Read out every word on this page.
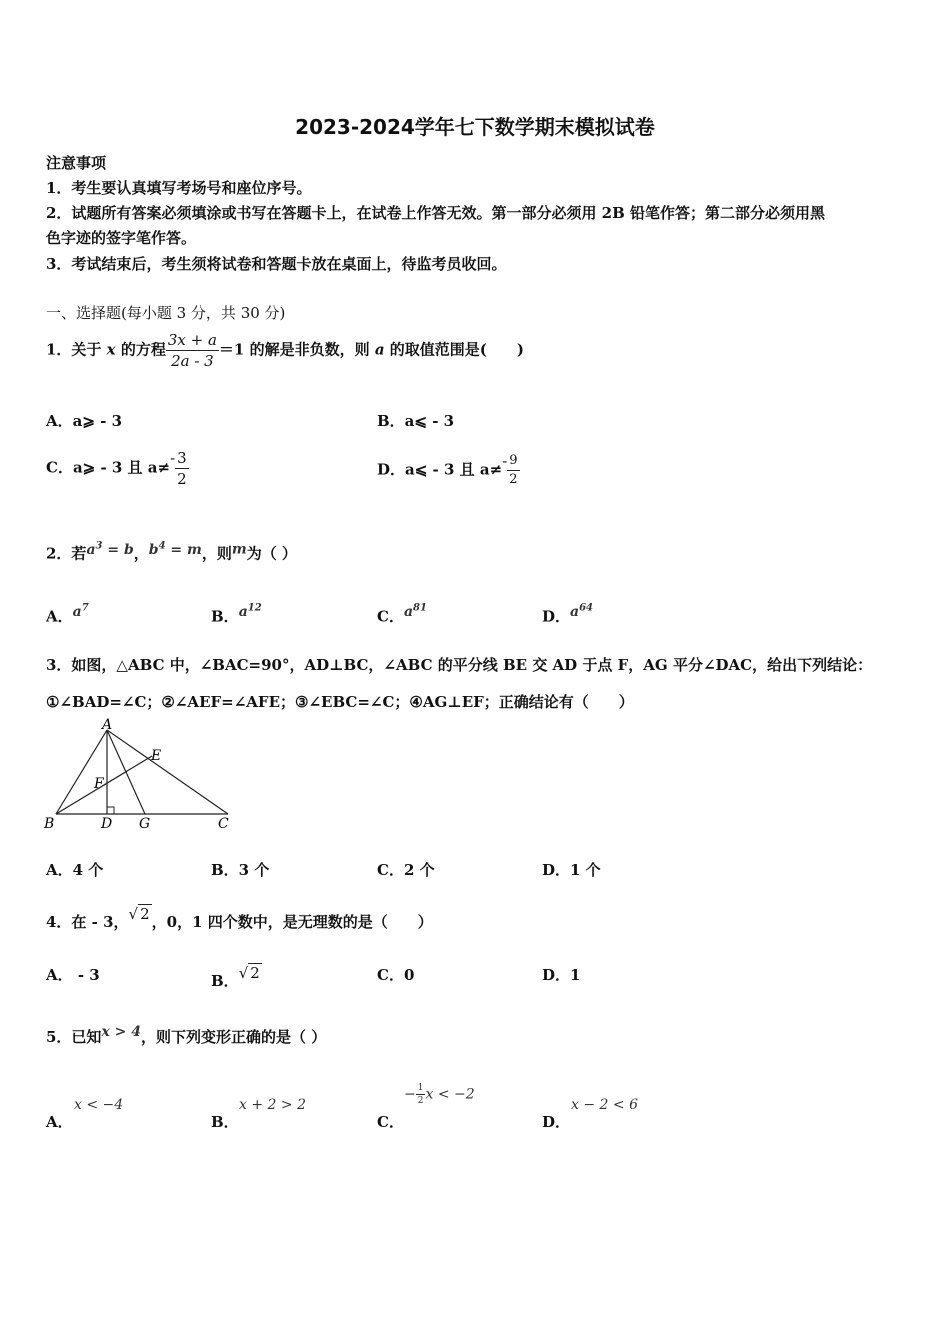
2023-2024学年七下数学期末模拟试卷
注意事项
1．考生要认真填写考场号和座位序号。
2．试题所有答案必须填涂或书写在答题卡上，在试卷上作答无效。第一部分必须用 2B 铅笔作答；第二部分必须用黑
色字迹的签字笔作答。
3．考试结束后，考生须将试卷和答题卡放在桌面上，待监考员收回。
一、选择题(每小题 3 分，共 30 分)
1．关于 x 的方程 $\frac{3x + a}{2a - 3} =1$ 的解是非负数，则 a 的取值范围是(　　)
A．a⩾ - 3	B．a⩽ - 3
C．a⩾ - 3 且 $a\ne- \frac{3}{2}$	D．a⩽ - 3 且 $a\ne- \frac{9}{2}$
2．若$a^3 = b$，$b^4 = m$，则m为（ ）
A．$a^7$
B．$a^{12}$
C．$a^{81}$
D．$a^{64}$
3．如图，△ABC 中，∠BAC=90°，AD⊥BC，∠ABC 的平分线 BE 交 AD 于点 F，AG 平分∠DAC，给出下列结论：
①∠BAD=∠C；②∠AEF=∠AFE；③∠EBC=∠C；④AG⊥EF；正确结论有（　　）
A
B	C
D
E
F
G
A．4 个	B．3 个	C．2 个	D．1 个
4．在 - 3，√ 2 ，0，1 四个数中，是无理数的是（　　）
A． - 3	B．√ 2	C．0	D．1
5．已知x > 4，则下列变形正确的是（ ）
A．
x < −4
B．
x + 2 > 2
C．
− $\frac{1}{2}$ x < −2
D．
x − 2 < 6
